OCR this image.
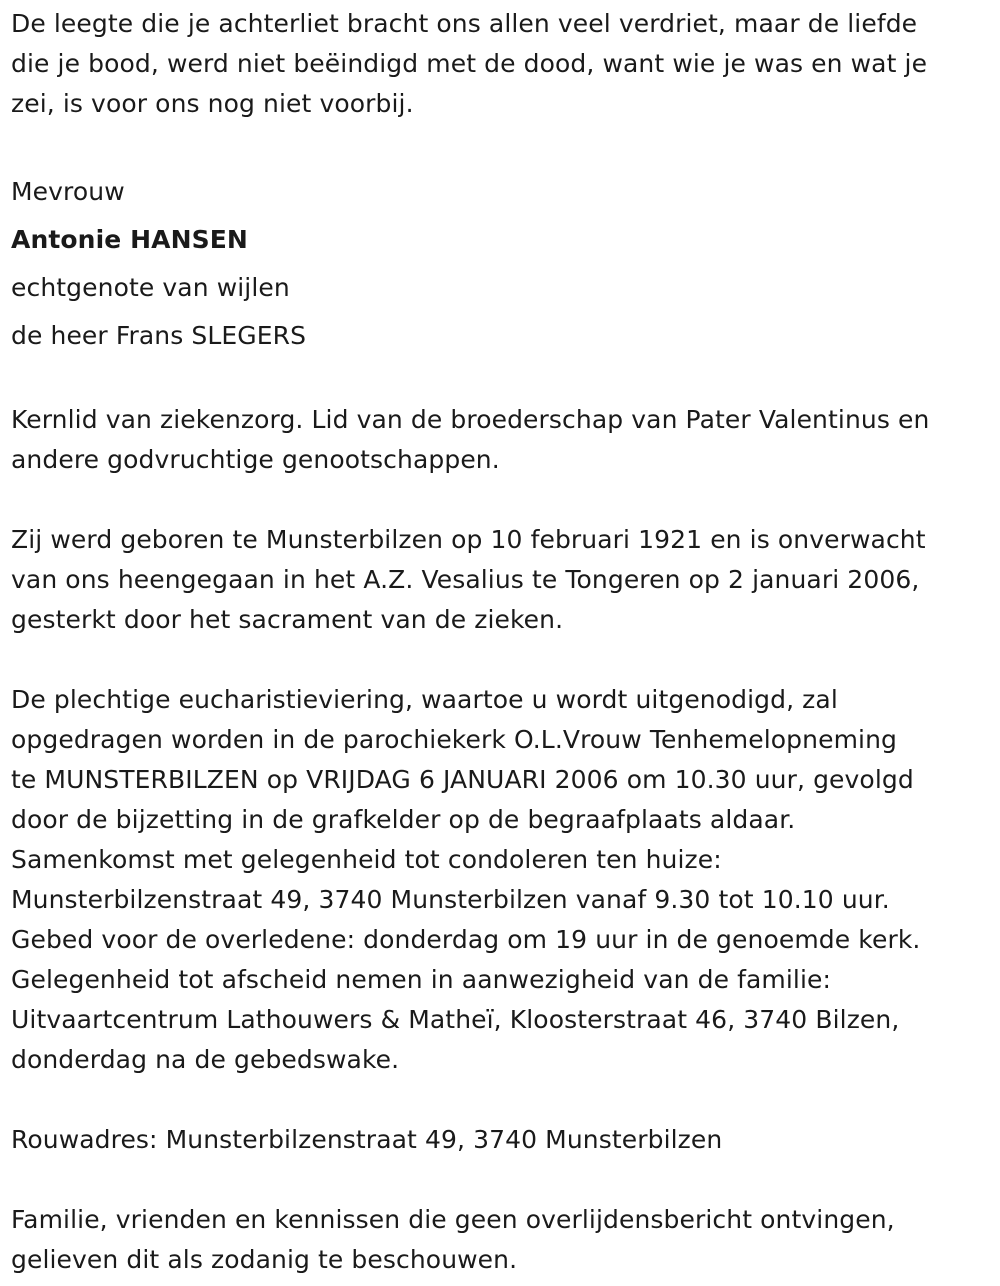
De leegte die je achterliet bracht ons allen veel verdriet, maar de liefde
die je bood, werd niet beëindigd met de dood, want wie je was en wat je
zei, is voor ons nog niet voorbij.
Mevrouw
Antonie HANSEN
echtgenote van wijlen
de heer Frans SLEGERS
Kernlid van ziekenzorg. Lid van de broederschap van Pater Valentinus en
andere godvruchtige genootschappen.
Zij werd geboren te Munsterbilzen op 10 februari 1921 en is onverwacht
van ons heengegaan in het A.Z. Vesalius te Tongeren op 2 januari 2006,
gesterkt door het sacrament van de zieken.
De plechtige eucharistieviering, waartoe u wordt uitgenodigd, zal
opgedragen worden in de parochiekerk O.L.Vrouw Tenhemelopneming
te MUNSTERBILZEN op VRIJDAG 6 JANUARI 2006 om 10.30 uur, gevolgd
door de bijzetting in de grafkelder op de begraafplaats aldaar.
Samenkomst met gelegenheid tot condoleren ten huize:
Munsterbilzenstraat 49, 3740 Munsterbilzen vanaf 9.30 tot 10.10 uur.
Gebed voor de overledene: donderdag om 19 uur in de genoemde kerk.
Gelegenheid tot afscheid nemen in aanwezigheid van de familie:
Uitvaartcentrum Lathouwers & Matheï, Kloosterstraat 46, 3740 Bilzen,
donderdag na de gebedswake.
Rouwadres: Munsterbilzenstraat 49, 3740 Munsterbilzen
Familie, vrienden en kennissen die geen overlijdensbericht ontvingen,
gelieven dit als zodanig te beschouwen.
